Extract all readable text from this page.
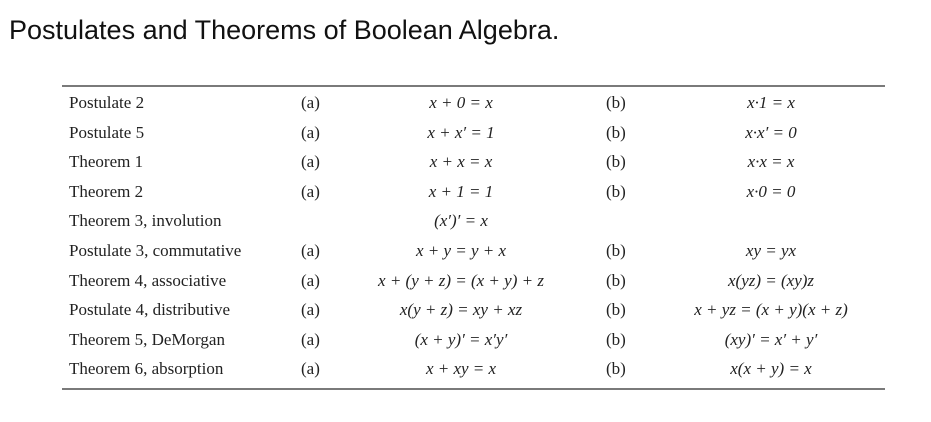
Postulates and Theorems of Boolean Algebra.
Postulate 2	(a)	x + 0 = x	(b)	x·1 = x
Postulate 5	(a)	x + x′ = 1	(b)	x·x′ = 0
Theorem 1	(a)	x + x = x	(b)	x·x = x
Theorem 2	(a)	x + 1 = 1	(b)	x·0 = 0
Theorem 3, involution	(x′)′ = x
Postulate 3, commutative	(a)	x + y = y + x	(b)	xy = yx
Theorem 4, associative	(a)	x + (y + z) = (x + y) + z	(b)	x(yz) = (xy)z
Postulate 4, distributive	(a)	x(y + z) = xy + xz	(b)	x + yz = (x + y)(x + z)
Theorem 5, DeMorgan	(a)	(x + y)′ = x′y′	(b)	(xy)′ = x′ + y′
Theorem 6, absorption	(a)	x + xy = x	(b)	x(x + y) = x
